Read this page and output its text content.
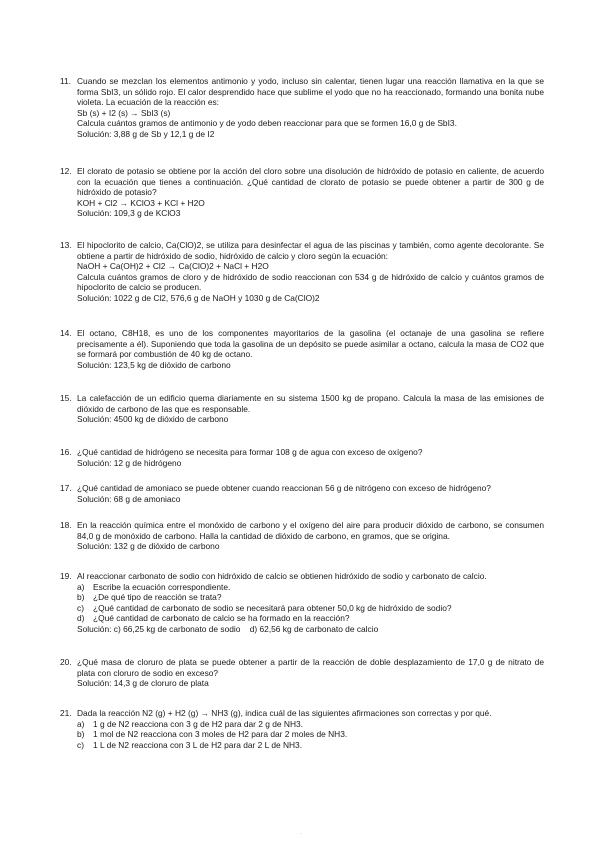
11. Cuando se mezclan los elementos antimonio y yodo, incluso sin calentar, tienen lugar una reacción llamativa en la que se forma SbI3, un sólido rojo. El calor desprendido hace que sublime el yodo que no ha reaccionado, formando una bonita nube violeta. La ecuación de la reacción es:

Sb (s) + I2 (s) → SbI3 (s)

Calcula cuántos gramos de antimonio y de yodo deben reaccionar para que se formen 16,0 g de SbI3.

Solución: 3,88 g de Sb y 12,1 g de I2

12. El clorato de potasio se obtiene por la acción del cloro sobre una disolución de hidróxido de potasio en caliente, de acuerdo con la ecuación que tienes a continuación. ¿Qué cantidad de clorato de potasio se puede obtener a partir de 300 g de hidróxido de potasio?

KOH + Cl2 → KClO3 + KCl + H2O

Solución: 109,3 g de KClO3

13. El hipoclorito de calcio, Ca(ClO)2, se utiliza para desinfectar el agua de las piscinas y también, como agente decolorante. Se obtiene a partir de hidróxido de sodio, hidróxido de calcio y cloro según la ecuación:

NaOH + Ca(OH)2 + Cl2 → Ca(ClO)2 + NaCl + H2O

Calcula cuántos gramos de cloro y de hidróxido de sodio reaccionan con 534 g de hidróxido de calcio y cuántos gramos de hipoclorito de calcio se producen.

Solución: 1022 g de Cl2, 576,6 g de NaOH y 1030 g de Ca(ClO)2

14. El octano, C8H18, es uno de los componentes mayoritarios de la gasolina (el octanaje de una gasolina se refiere precisamente a él). Suponiendo que toda la gasolina de un depósito se puede asimilar a octano, calcula la masa de CO2 que se formará por combustión de 40 kg de octano.

Solución: 123,5 kg de dióxido de carbono

15. La calefacción de un edificio quema diariamente en su sistema 1500 kg de propano. Calcula la masa de las emisiones de dióxido de carbono de las que es responsable.

Solución: 4500 kg de dióxido de carbono

16. ¿Qué cantidad de hidrógeno se necesita para formar 108 g de agua con exceso de oxígeno?

Solución: 12 g de hidrógeno

17. ¿Qué cantidad de amoniaco se puede obtener cuando reaccionan 56 g de nitrógeno con exceso de hidrógeno?

Solución: 68 g de amoniaco

18. En la reacción química entre el monóxido de carbono y el oxígeno del aire para producir dióxido de carbono, se consumen 84,0 g de monóxido de carbono. Halla la cantidad de dióxido de carbono, en gramos, que se origina.

Solución: 132 g de dióxido de carbono

19. Al reaccionar carbonato de sodio con hidróxido de calcio se obtienen hidróxido de sodio y carbonato de calcio.

a)	Escribe la ecuación correspondiente.
b)	¿De qué tipo de reacción se trata?
c)	¿Qué cantidad de carbonato de sodio se necesitará para obtener 50,0 kg de hidróxido de sodio?
d)	¿Qué cantidad de carbonato de calcio se ha formado en la reacción?

Solución: c) 66,25 kg de carbonato de sodio    d) 62,56 kg de carbonato de calcio

20. ¿Qué masa de cloruro de plata se puede obtener a partir de la reacción de doble desplazamiento de 17,0 g de nitrato de plata con cloruro de sodio en exceso?

Solución: 14,3 g de cloruro de plata

21. Dada la reacción N2 (g) + H2 (g) → NH3 (g), indica cuál de las siguientes afirmaciones son correctas y por qué.

a)	1 g de N2 reacciona con 3 g de H2 para dar 2 g de NH3.
b)	1 mol de N2 reacciona con 3 moles de H2 para dar 2 moles de NH3.
c)	1 L de N2 reacciona con 3 L de H2 para dar 2 L de NH3.
.
